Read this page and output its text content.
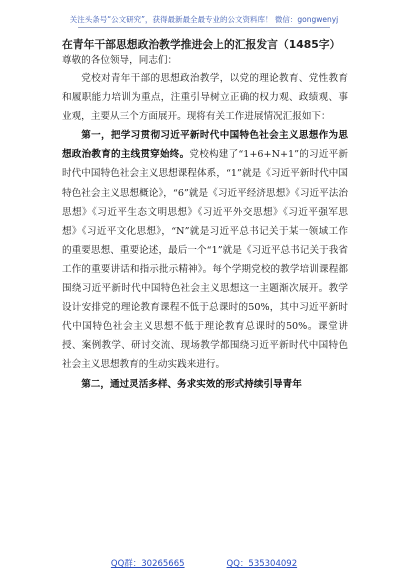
关注头条号“公文研究”，获得最新最全最专业的公文资料库！ 微信：gongwenyj

在青年干部思想政治教学推进会上的汇报发言（1485字）

尊敬的各位领导，同志们：

党校对青年干部的思想政治教学，以党的理论教育、党性教育和履职能力培训为重点，注重引导树立正确的权力观、政绩观、事业观，主要从三个方面展开。现将有关工作进展情况汇报如下：

第一，把学习贯彻习近平新时代中国特色社会主义思想作为思想政治教育的主线贯穿始终。党校构建了“1+6+N+1”的习近平新时代中国特色社会主义思想课程体系，“1”就是《习近平新时代中国特色社会主义思想概论》，“6”就是《习近平经济思想》《习近平法治思想》《习近平生态文明思想》《习近平外交思想》《习近平强军思想》《习近平文化思想》，“N”就是习近平总书记关于某一领域工作的重要思想、重要论述，最后一个“1”就是《习近平总书记关于我省工作的重要讲话和指示批示精神》。每个学期党校的教学培训课程都围绕习近平新时代中国特色社会主义思想这一主题渐次展开。教学设计安排党的理论教育课程不低于总课时的50%，其中习近平新时代中国特色社会主义思想不低于理论教育总课时的50%。课堂讲授、案例教学、研讨交流、现场教学都围绕习近平新时代中国特色社会主义思想教育的生动实践来进行。

第二，通过灵活多样、务求实效的形式持续引导青年

QQ群：30265665	QQ：535304092
